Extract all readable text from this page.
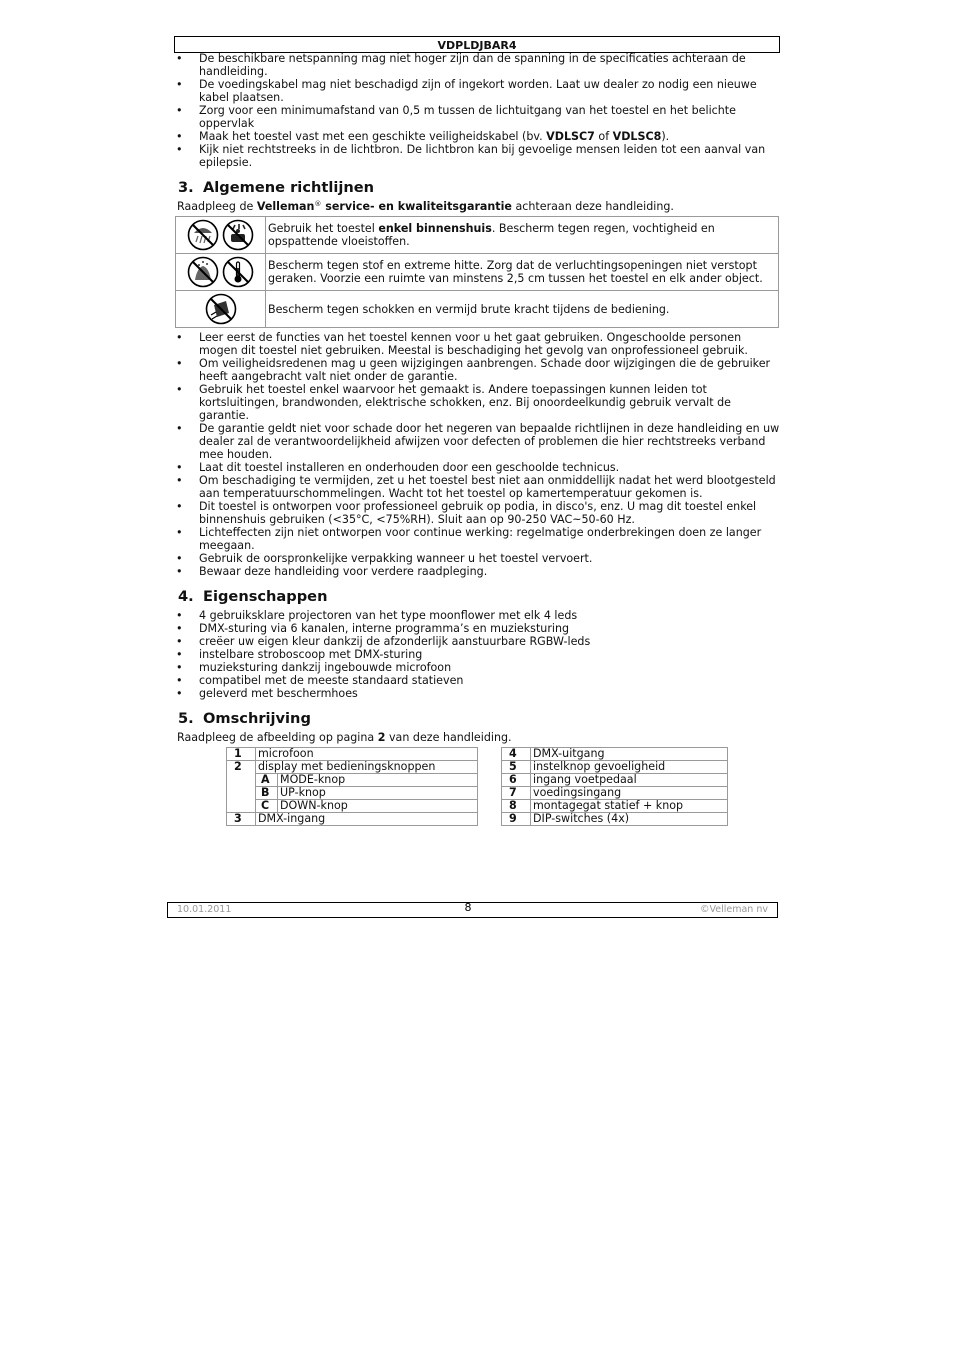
VDPLDJBAR4
• De beschikbare netspanning mag niet hoger zijn dan de spanning in de specificaties achteraan de handleiding.
• De voedingskabel mag niet beschadigd zijn of ingekort worden. Laat uw dealer zo nodig een nieuwe kabel plaatsen.
• Zorg voor een minimumafstand van 0,5 m tussen de lichtuitgang van het toestel en het belichte oppervlak
• Maak het toestel vast met een geschikte veiligheidskabel (bv. VDLSC7 of VDLSC8).
• Kijk niet rechtstreeks in de lichtbron. De lichtbron kan bij gevoelige mensen leiden tot een aanval van epilepsie.
3. Algemene richtlijnen

Raadpleeg de Velleman® service- en kwaliteitsgarantie achteraan deze handleiding.

	Gebruik het toestel enkel binnenshuis. Bescherm tegen regen, vochtigheid en opspattende vloeistoffen.

	Bescherm tegen stof en extreme hitte. Zorg dat de verluchtingsopeningen niet verstopt geraken. Voorzie een ruimte van minstens 2,5 cm tussen het toestel en elk ander object.

	Bescherm tegen schokken en vermijd brute kracht tijdens de bediening.
• Leer eerst de functies van het toestel kennen voor u het gaat gebruiken. Ongeschoolde personen mogen dit toestel niet gebruiken. Meestal is beschadiging het gevolg van onprofessioneel gebruik.
• Om veiligheidsredenen mag u geen wijzigingen aanbrengen. Schade door wijzigingen die de gebruiker heeft aangebracht valt niet onder de garantie.
• Gebruik het toestel enkel waarvoor het gemaakt is. Andere toepassingen kunnen leiden tot kortsluitingen, brandwonden, elektrische schokken, enz. Bij onoordeelkundig gebruik vervalt de garantie.
• De garantie geldt niet voor schade door het negeren van bepaalde richtlijnen in deze handleiding en uw dealer zal de verantwoordelijkheid afwijzen voor defecten of problemen die hier rechtstreeks verband mee houden.
• Laat dit toestel installeren en onderhouden door een geschoolde technicus.
• Om beschadiging te vermijden, zet u het toestel best niet aan onmiddellijk nadat het werd blootgesteld aan temperatuurschommelingen. Wacht tot het toestel op kamertemperatuur gekomen is.
• Dit toestel is ontworpen voor professioneel gebruik op podia, in disco's, enz. U mag dit toestel enkel binnenshuis gebruiken (<35°C, <75%RH). Sluit aan op 90-250 VAC~50-60 Hz.
• Lichteffecten zijn niet ontworpen voor continue werking: regelmatige onderbrekingen doen ze langer meegaan.
• Gebruik de oorspronkelijke verpakking wanneer u het toestel vervoert.
• Bewaar deze handleiding voor verdere raadpleging.
4. Eigenschappen
• 4 gebruiksklare projectoren van het type moonflower met elk 4 leds
• DMX-sturing via 6 kanalen, interne programma’s en muzieksturing
• creëer uw eigen kleur dankzij de afzonderlijk aanstuurbare RGBW-leds
• instelbare stroboscoop met DMX-sturing
• muzieksturing dankzij ingebouwde microfoon
• compatibel met de meeste standaard statieven
• geleverd met beschermhoes
5. Omschrijving

Raadpleeg de afbeelding op pagina 2 van deze handleiding.

1	microfoon	
2	display met bedieningsknoppen	
	A	MODE-knop
	B	UP-knop
	C	DOWN-knop
3	DMX-ingang	
4	DMX-uitgang
5	instelknop gevoeligheid
6	ingang voetpedaal
7	voedingsingang
8	montagegat statief + knop
9	DIP-switches (4x)
10.01.2011	8	©Velleman nv
